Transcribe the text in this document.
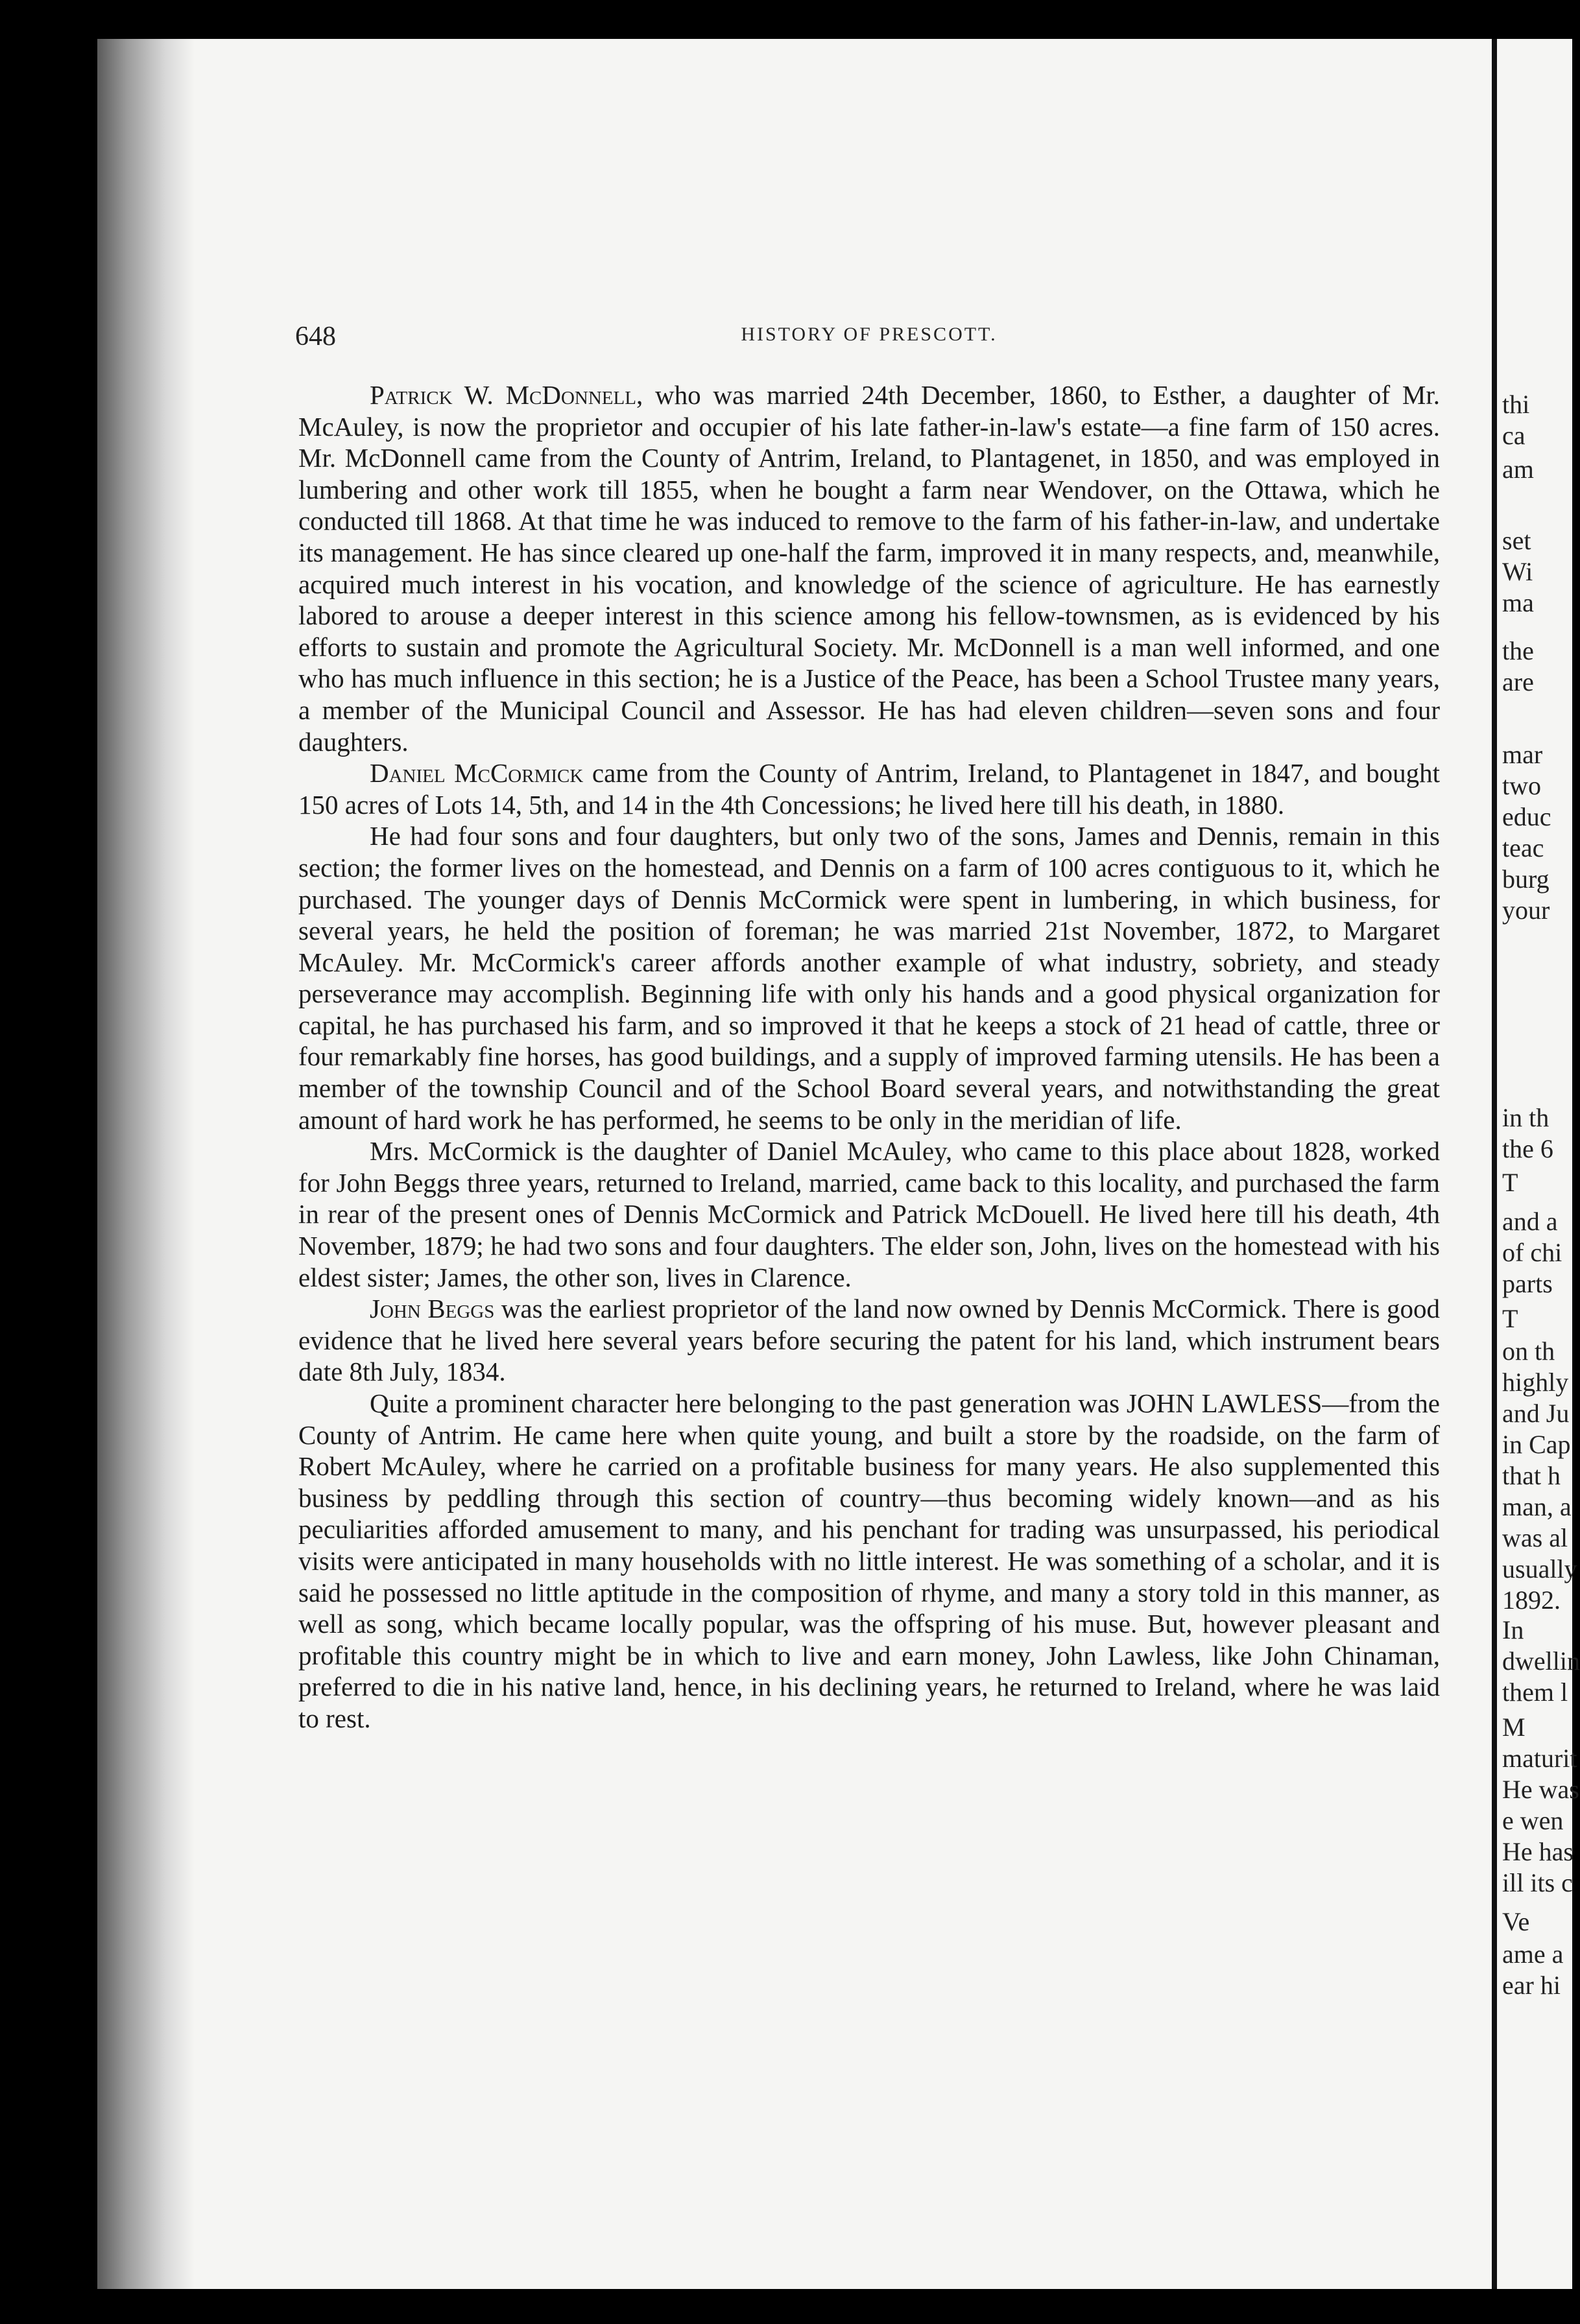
648	HISTORY OF PRESCOTT.

Patrick W. McDonnell, who was married 24th December, 1860, to Esther, a daughter of Mr. McAuley, is now the proprietor and occupier of his late father-in-law's estate—a fine farm of 150 acres. Mr. McDonnell came from the County of Antrim, Ireland, to Plantagenet, in 1850, and was employed in lumbering and other work till 1855, when he bought a farm near Wendover, on the Ottawa, which he conducted till 1868. At that time he was induced to remove to the farm of his father-in-law, and undertake its management. He has since cleared up one-half the farm, improved it in many respects, and, meanwhile, acquired much interest in his vocation, and knowledge of the science of agriculture. He has earnestly labored to arouse a deeper interest in this science among his fellow-townsmen, as is evidenced by his efforts to sustain and promote the Agricultural Society. Mr. McDonnell is a man well informed, and one who has much influence in this section; he is a Justice of the Peace, has been a School Trustee many years, a member of the Municipal Council and Assessor. He has had eleven children—seven sons and four daughters.

Daniel McCormick came from the County of Antrim, Ireland, to Plantagenet in 1847, and bought 150 acres of Lots 14, 5th, and 14 in the 4th Concessions; he lived here till his death, in 1880.

He had four sons and four daughters, but only two of the sons, James and Dennis, remain in this section; the former lives on the homestead, and Dennis on a farm of 100 acres contiguous to it, which he purchased. The younger days of Dennis McCormick were spent in lumbering, in which business, for several years, he held the position of foreman; he was married 21st November, 1872, to Margaret McAuley. Mr. McCormick's career affords another example of what industry, sobriety, and steady perseverance may accomplish. Beginning life with only his hands and a good physical organization for capital, he has purchased his farm, and so improved it that he keeps a stock of 21 head of cattle, three or four remarkably fine horses, has good buildings, and a supply of improved farming utensils. He has been a member of the township Council and of the School Board several years, and notwithstanding the great amount of hard work he has performed, he seems to be only in the meridian of life.

Mrs. McCormick is the daughter of Daniel McAuley, who came to this place about 1828, worked for John Beggs three years, returned to Ireland, married, came back to this locality, and purchased the farm in rear of the present ones of Dennis McCormick and Patrick McDouell. He lived here till his death, 4th November, 1879; he had two sons and four daughters. The elder son, John, lives on the homestead with his eldest sister; James, the other son, lives in Clarence.

John Beggs was the earliest proprietor of the land now owned by Dennis McCormick. There is good evidence that he lived here several years before securing the patent for his land, which instrument bears date 8th July, 1834.

Quite a prominent character here belonging to the past generation was JOHN LAWLESS—from the County of Antrim. He came here when quite young, and built a store by the roadside, on the farm of Robert McAuley, where he carried on a profitable business for many years. He also supplemented this business by peddling through this section of country—thus becoming widely known—and as his peculiarities afforded amusement to many, and his penchant for trading was unsurpassed, his periodical visits were anticipated in many households with no little interest. He was something of a scholar, and it is said he possessed no little aptitude in the composition of rhyme, and many a story told in this manner, as well as song, which became locally popular, was the offspring of his muse. But, however pleasant and profitable this country might be in which to live and earn money, John Lawless, like John Chinaman, preferred to die in his native land, hence, in his declining years, he returned to Ireland, where he was laid to rest.

thi
ca
am
set
Wi
ma
the
are
mar
two
educ
teac
burg
your
in th
the 6
T
and a
of chi
parts
T
on th
highly
and Ju
in Cap
that h
man, a
was al
usually
1892.
In
dwellin
them l
M
maturit
He was
e wen
He has
ill its c
Ve
ame a
ear hi
